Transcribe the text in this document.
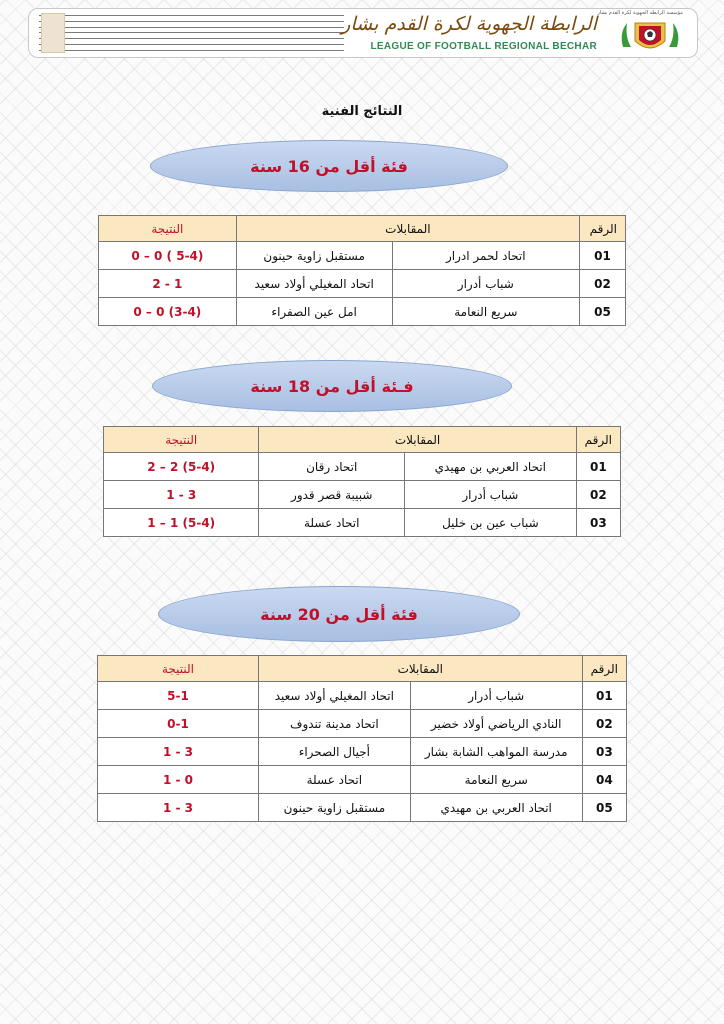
مؤسسة الرابطة الجهوية لكرة القدم بشار
الرابطة الجهوية لكرة القدم بشار
LEAGUE OF FOOTBALL REGIONAL BECHAR
النتائج الفنية
فئة أقل من 16 سنة
الرقم	المقابلات		النتيجة
01	اتحاد لحمر ادرار	مستقبل زاوية حينون	0 – 0 ( 5-4)
02	شباب أدرار	اتحاد المغيلي أولاد سعيد	2 - 1
05	سريع النعامة	امل عين الصفراء	0 – 0 (3-4)
فـئة أقل من 18 سنة
الرقم	المقابلات		النتيجة
01	اتحاد العربي بن مهيدي	اتحاد رقان	2 – 2 (5-4)
02	شباب أدرار	شبيبة قصر قدور	1 - 3
03	شباب عين بن خليل	اتحاد عسلة	1 – 1 (5-4)
فئة أقل من 20 سنة
الرقم	المقابلات		النتيجة
01	شباب أدرار	اتحاد المغيلي أولاد سعيد	5-1
02	النادي الرياضي أولاد خضير	اتحاد مدينة تندوف	0-1
03	مدرسة المواهب الشابة بشار	أجيال الصحراء	1 - 3
04	سريع النعامة	اتحاد عسلة	1 - 0
05	اتحاد العربي بن مهيدي	مستقبل زاوية حينون	1 - 3
